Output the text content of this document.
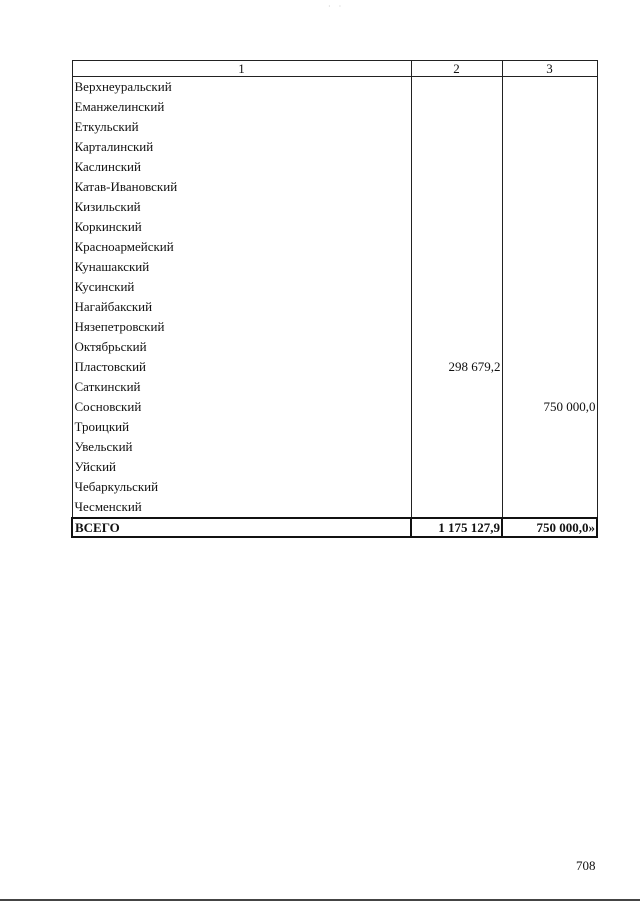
· ·
1	2	3
Верхнеуральский		
Еманжелинский		
Еткульский		
Карталинский		
Каслинский		
Катав-Ивановский		
Кизильский		
Коркинский		
Красноармейский		
Кунашакский		
Кусинский		
Нагайбакский		
Нязепетровский		
Октябрьский		
Пластовский	298 679,2	
Саткинский		
Сосновский		750 000,0
Троицкий		
Увельский		
Уйский		
Чебаркульский		
Чесменский		
ВСЕГО	1 175 127,9	750 000,0»
708
